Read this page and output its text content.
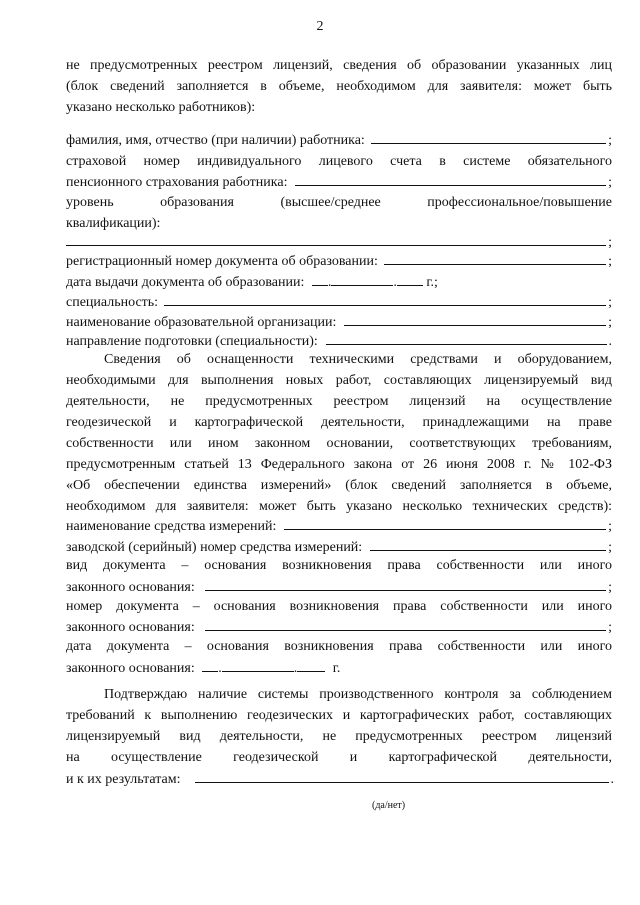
2
не предусмотренных реестром лицензий, сведения об образовании указанных лиц
(блок сведений заполняется в объеме, необходимом для заявителя: может быть
указано несколько работников):
фамилия, имя, отчество (при наличии) работника:	;
страховой номер индивидуального лицевого счета в системе обязательного
пенсионного страхования работника:	;
уровень образования (высшее/среднее профессиональное/повышение
квалификации):
;
регистрационный номер документа об образовании:	;
дата выдачи документа об образовании: .	. г.;
специальность:	;
наименование образовательной организации:	;
направление подготовки (специальности):	.
Сведения об оснащенности техническими средствами и оборудованием,
необходимыми для выполнения новых работ, составляющих лицензируемый вид
деятельности, не предусмотренных реестром лицензий на осуществление
геодезической и картографической деятельности, принадлежащими на праве
собственности или ином законном основании, соответствующих требованиям,
предусмотренным статьей 13 Федерального закона от 26 июня 2008 г. № 102-ФЗ
«Об обеспечении единства измерений» (блок сведений заполняется в объеме,
необходимом для заявителя: может быть указано несколько технических средств):
наименование средства измерений:	;
заводской (серийный) номер средства измерений:	;
вид документа – основания возникновения права собственности или иного
законного основания:	;
номер документа – основания возникновения права собственности или иного
законного основания:	;
дата документа – основания возникновения права собственности или иного
законного основания: .	.	г.
Подтверждаю наличие системы производственного контроля за соблюдением
требований к выполнению геодезических и картографических работ, составляющих
лицензируемый вид деятельности, не предусмотренных реестром лицензий
на осуществление геодезической и картографической деятельности,
и к их результатам:	.
(да/нет)
